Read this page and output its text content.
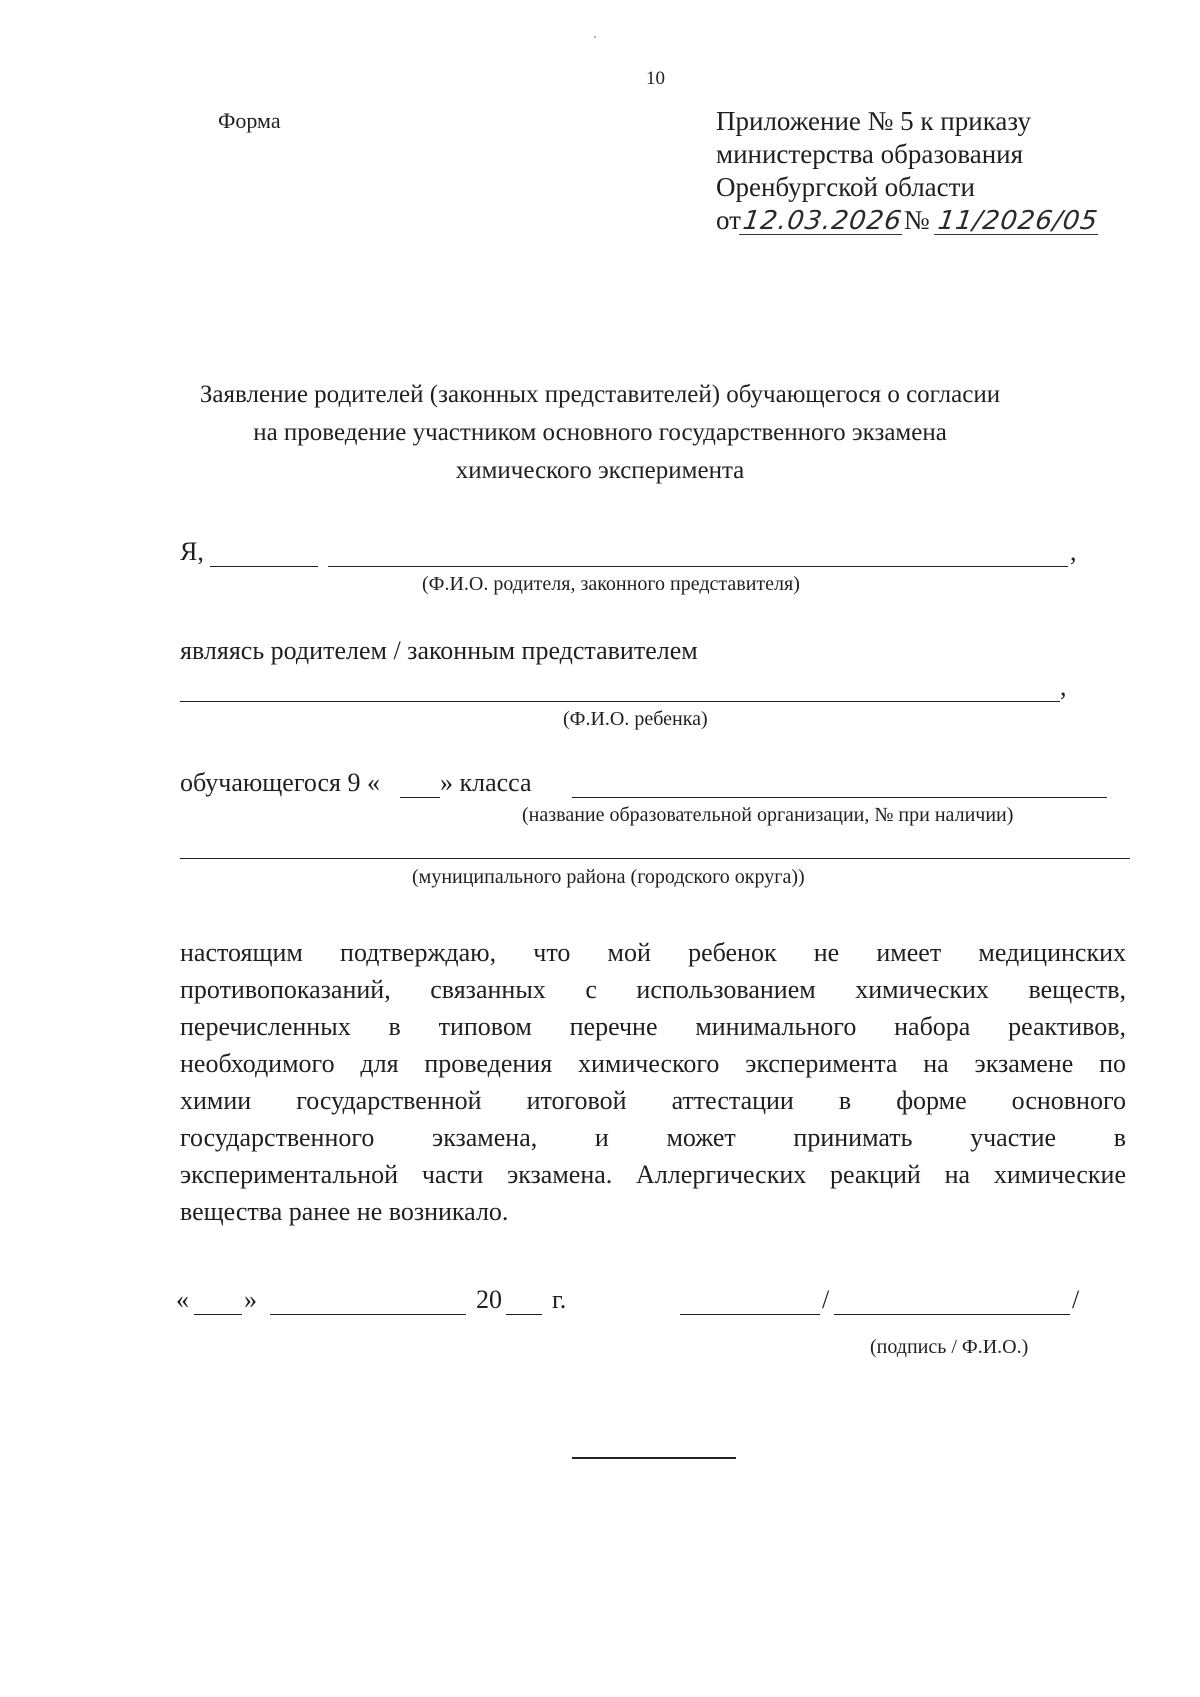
10
Форма	Приложение № 5 к приказу
министерства образования
Оренбургской области
от12.03.2026№ 11/2026/05
Заявление родителей (законных представителей) обучающегося о согласии
на проведение участником основного государственного экзамена
химического эксперимента
Я,	,
(Ф.И.О. родителя, законного представителя)
являясь родителем / законным представителем
,
(Ф.И.О. ребенка)
обучающегося 9 « » класса
(название образовательной организации, № при наличии)
(муниципального района (городского округа))
настоящим подтверждаю, что мой ребенок не имеет медицинских
противопоказаний, связанных с использованием химических веществ,
перечисленных в типовом перечне минимального набора реактивов,
необходимого для проведения химического эксперимента на экзамене по
химии государственной итоговой аттестации в форме основного
государственного экзамена, и может принимать участие в
экспериментальной части экзамена. Аллергических реакций на химические
вещества ранее не возникало.
« »	20 г.	/	/
(подпись / Ф.И.О.)
